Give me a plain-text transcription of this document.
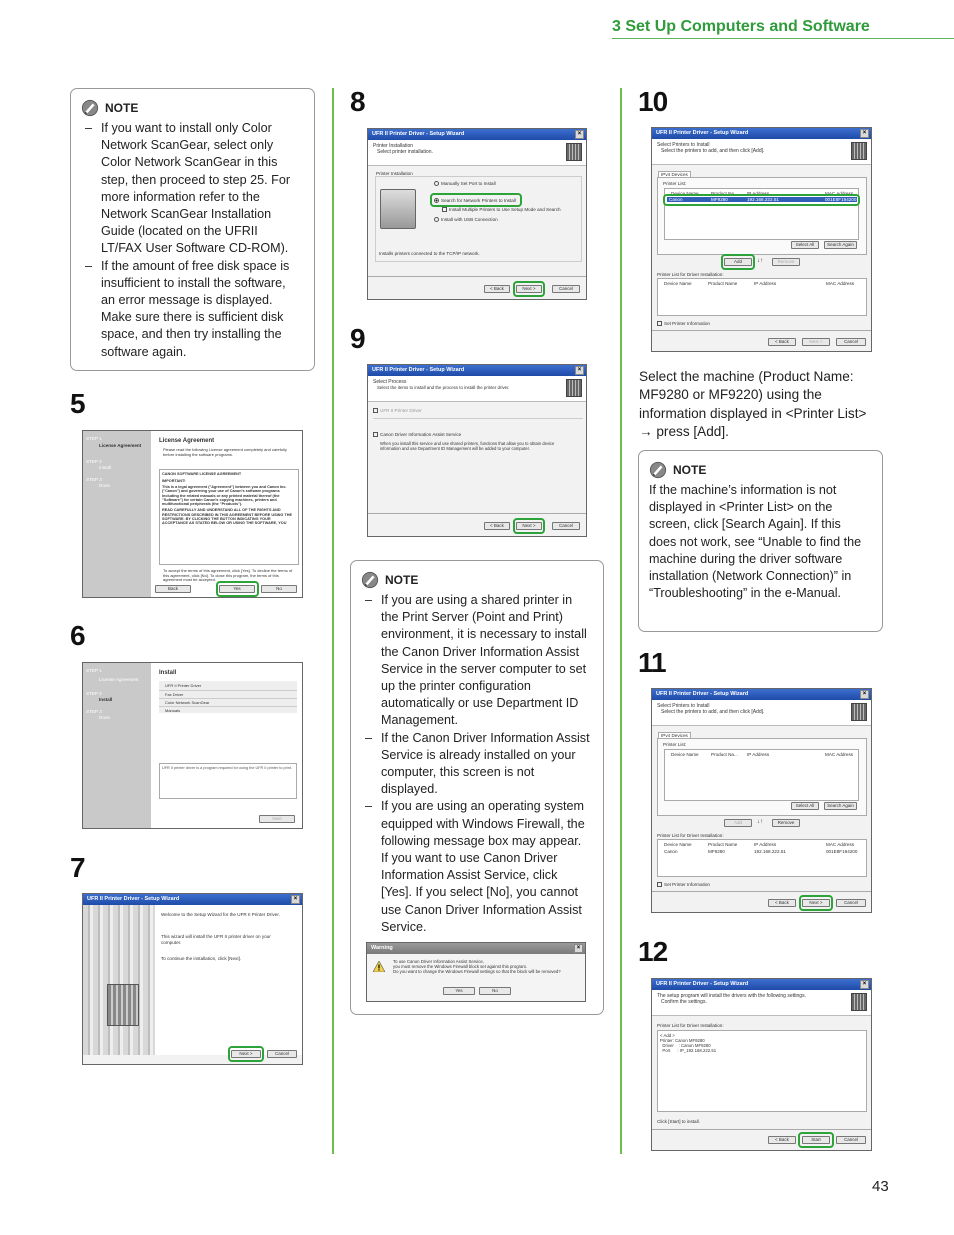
3 Set Up Computers and Software
NOTE
– If you want to install only Color Network ScanGear, select only Color Network ScanGear in this step, then proceed to step 25. For more information refer to the Network ScanGear Installation Guide (located on the UFRII LT/FAX User Software CD-ROM).
– If the amount of free disk space is insufficient to install the software, an error message is displayed. Make sure there is sufficient disk space, and then try installing the software again.
5
STEP 1
License Agreement
STEP 2
Install
STEP 3
Done
License Agreement
Please read the following License agreement completely and carefully before installing the software programs.
CANON SOFTWARE LICENSE AGREEMENT
IMPORTANT!
This is a legal agreement ("Agreement") between you and Canon Inc. ("Canon") and governing your use of Canon's software programs including the related manuals or any printed material thereof (the "Software") for certain Canon's copying machines, printers and multifunctional peripherals (the "Products").
READ CAREFULLY AND UNDERSTAND ALL OF THE RIGHTS AND RESTRICTIONS DESCRIBED IN THIS AGREEMENT BEFORE USING THE SOFTWARE. BY CLICKING THE BUTTON INDICATING YOUR ACCEPTANCE AS STATED BELOW OR USING THE SOFTWARE, YOU
To accept the terms of this agreement, click [Yes]. To decline the terms of this agreement, click [No]. To close this program, the terms of this agreement must be accepted.
Back	Yes	No
6
STEP 1
License Agreement
STEP 2
Install
STEP 3
Done
Install
UFR II Printer Driver
Fax Driver
Color Network ScanGear
Manuals
UFR II printer driver is a program required for using the UFR II printer to print.
Next
7
UFR II Printer Driver - Setup Wizard	×
Welcome to the Setup Wizard for the UFR II Printer Driver.
This wizard will install the UFR II printer driver on your computer.
To continue the installation, click [Next].
Next >	Cancel
8
UFR II Printer Driver - Setup Wizard	×
Printer Installation
Select printer installation.
Printer Installation
Manually Set Port to Install
Search for Network Printers to Install
Install Multiple Printers to Use Setup Mode and Search
Install with USB Connection
Installs printers connected to the TCP/IP network.
< Back	Next >	Cancel
9
UFR II Printer Driver - Setup Wizard	×
Select Process
Select the items to install and the process to install the printer driver.
UFR II Printer Driver
Canon Driver Information Assist Service
When you install this service and use shared printers, functions that allow you to obtain device information and use Department ID Management will be added to your computer.
< Back	Next >	Cancel
NOTE
– If you are using a shared printer in the Print Server (Point and Print) environment, it is necessary to install the Canon Driver Information Assist Service in the server computer to set up the printer configuration automatically or use Department ID Management.
– If the Canon Driver Information Assist Service is already installed on your computer, this screen is not displayed.
– If you are using an operating system equipped with Windows Firewall, the following message box may appear. If you want to use Canon Driver Information Assist Service, click [Yes]. If you select [No], you cannot use Canon Driver Information Assist Service.
Warning	×
To use Canon Driver Information Assist Service,
you must remove the Windows Firewall block set against this program.
Do you want to change the Windows Firewall settings so that the block will be removed?
Yes	No
10
UFR II Printer Driver - Setup Wizard	×
Select Printers to Install
Select the printers to add, and then click [Add].
IPv4 Devices
Printer List:
Device Name	Product Na... IP Address	MAC Address
Canon	MF9280	192.168.222.51	001E8F194200
Select All	Search Again
Add	↓↑	Remove
Printer List for Driver Installation:
Device Name	Product Name	IP Address	MAC Address
Set Printer Information
< Back	Next >	Cancel
Select the machine (Product Name: MF9280 or MF9220) using the information displayed in <Printer List> → press [Add].
NOTE
If the machine’s information is not displayed in <Printer List> on the screen, click [Search Again]. If this does not work, see “Unable to find the machine during the driver software installation (Network Connection)” in “Troubleshooting” in the e-Manual.
11
UFR II Printer Driver - Setup Wizard	×
Select Printers to Install
Select the printers to add, and then click [Add].
IPv4 Devices
Printer List:
Device Name	Product Na... IP Address	MAC Address
Select All	Search Again
Add	↓↑	Remove
Printer List for Driver Installation:
Device Name	Product Name	IP Address	MAC Address
Canon	MF9280	192.168.222.51	001E8F194200
Set Printer Information
< Back	Next >	Cancel
12
UFR II Printer Driver - Setup Wizard	×
The setup program will install the drivers with the following settings.
Confirm the settings.
Printer List for Driver Installation:
< Add >
Printer: Canon MF9280
Driver    : Canon MF9280
Port      : IP_192.168.222.51
Click [Start] to install.
< Back	Start	Cancel
43
